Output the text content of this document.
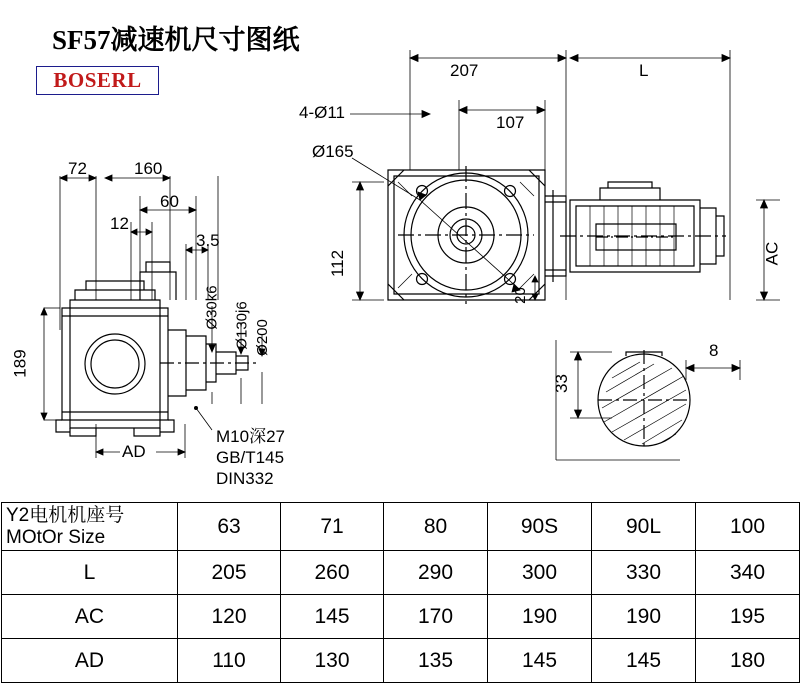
SF57减速机尺寸图纸
BOSERL	207	L
4-Ø11
107
Ø165
72	160
60
12
3.5
112	AC
189
Ø30k6 Ø130j6 Ø200
20
8
33
AD
M10深27
GB/T145
DIN332
Y2电机机座号
MOtOr Size	63	71	80	90S	90L	100
L	205	260	290	300	330	340
AC	120	145	170	190	190	195
AD	110	130	135	145	145	180
